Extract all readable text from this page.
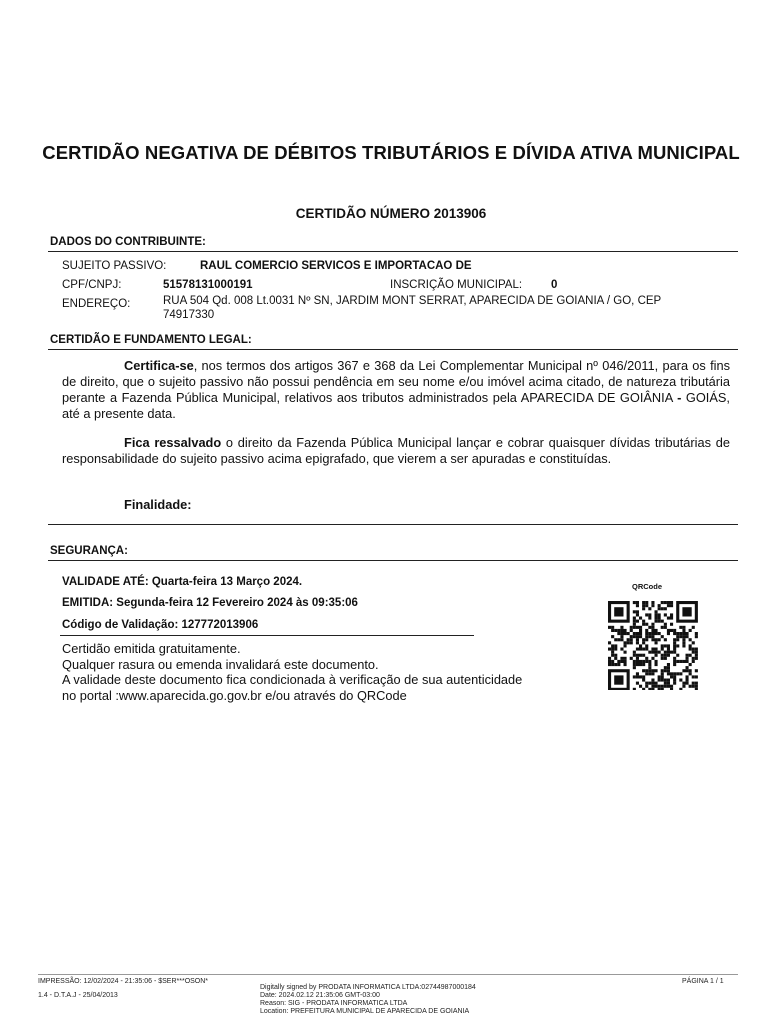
CERTIDÃO NEGATIVA DE DÉBITOS TRIBUTÁRIOS E DÍVIDA ATIVA MUNICIPAL
CERTIDÃO NÚMERO 2013906
DADOS DO CONTRIBUINTE:
SUJEITO PASSIVO:	RAUL COMERCIO SERVICOS E IMPORTACAO DE
CPF/CNPJ:	51578131000191	INSCRIÇÃO MUNICIPAL:	0
ENDEREÇO:	RUA 504 Qd. 008 Lt.0031 Nº SN, JARDIM MONT SERRAT, APARECIDA DE GOIANIA / GO, CEP
74917330
CERTIDÃO E FUNDAMENTO LEGAL:
Certifica-se, nos termos dos artigos 367 e 368 da Lei Complementar Municipal nº 046/2011, para os fins de direito, que o sujeito passivo não possui pendência em seu nome e/ou imóvel acima citado, de natureza tributária perante a Fazenda Pública Municipal, relativos aos tributos administrados pela APARECIDA DE GOIÂNIA - GOIÁS, até a presente data.
Fica ressalvado o direito da Fazenda Pública Municipal lançar e cobrar quaisquer dívidas tributárias de responsabilidade do sujeito passivo acima epigrafado, que vierem a ser apuradas e constituídas.
Finalidade:
SEGURANÇA:
VALIDADE ATÉ: Quarta-feira 13 Março 2024.
EMITIDA: Segunda-feira 12 Fevereiro 2024 às 09:35:06
Código de Validação: 127772013906
Certidão emitida gratuitamente.
Qualquer rasura ou emenda invalidará este documento.
A validade deste documento fica condicionada à verificação de sua autenticidade
no portal :www.aparecida.go.gov.br e/ou através do QRCode
QRCode
IMPRESSÃO: 12/02/2024 - 21:35:06 - $SER***OSON*
1.4 - D.T.A.J - 25/04/2013
Digitally signed by PRODATA INFORMATICA LTDA:02744987000184
Date: 2024.02.12 21:35:06 GMT-03:00
Reason: SIG - PRODATA INFORMATICA LTDA
Location: PREFEITURA MUNICIPAL DE APARECIDA DE GOIANIA
PÁGINA 1 / 1
